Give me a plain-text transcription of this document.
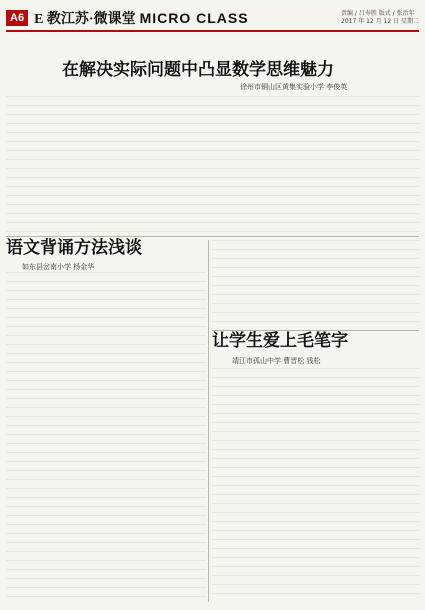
A6 E 教江苏·微课堂 MICRO CLASS	责编 / 吕寿胜 版式 / 张治年
2017 年 12 月 12 日 星期二
在解决实际问题中凸显数学思维魅力
徐州市铜山区黄集实验小学 李俊英
语文背诵方法浅谈
如东县岔南小学 杨金华
让学生爱上毛笔字
靖江市孤山中学 曹晋松 钱松
